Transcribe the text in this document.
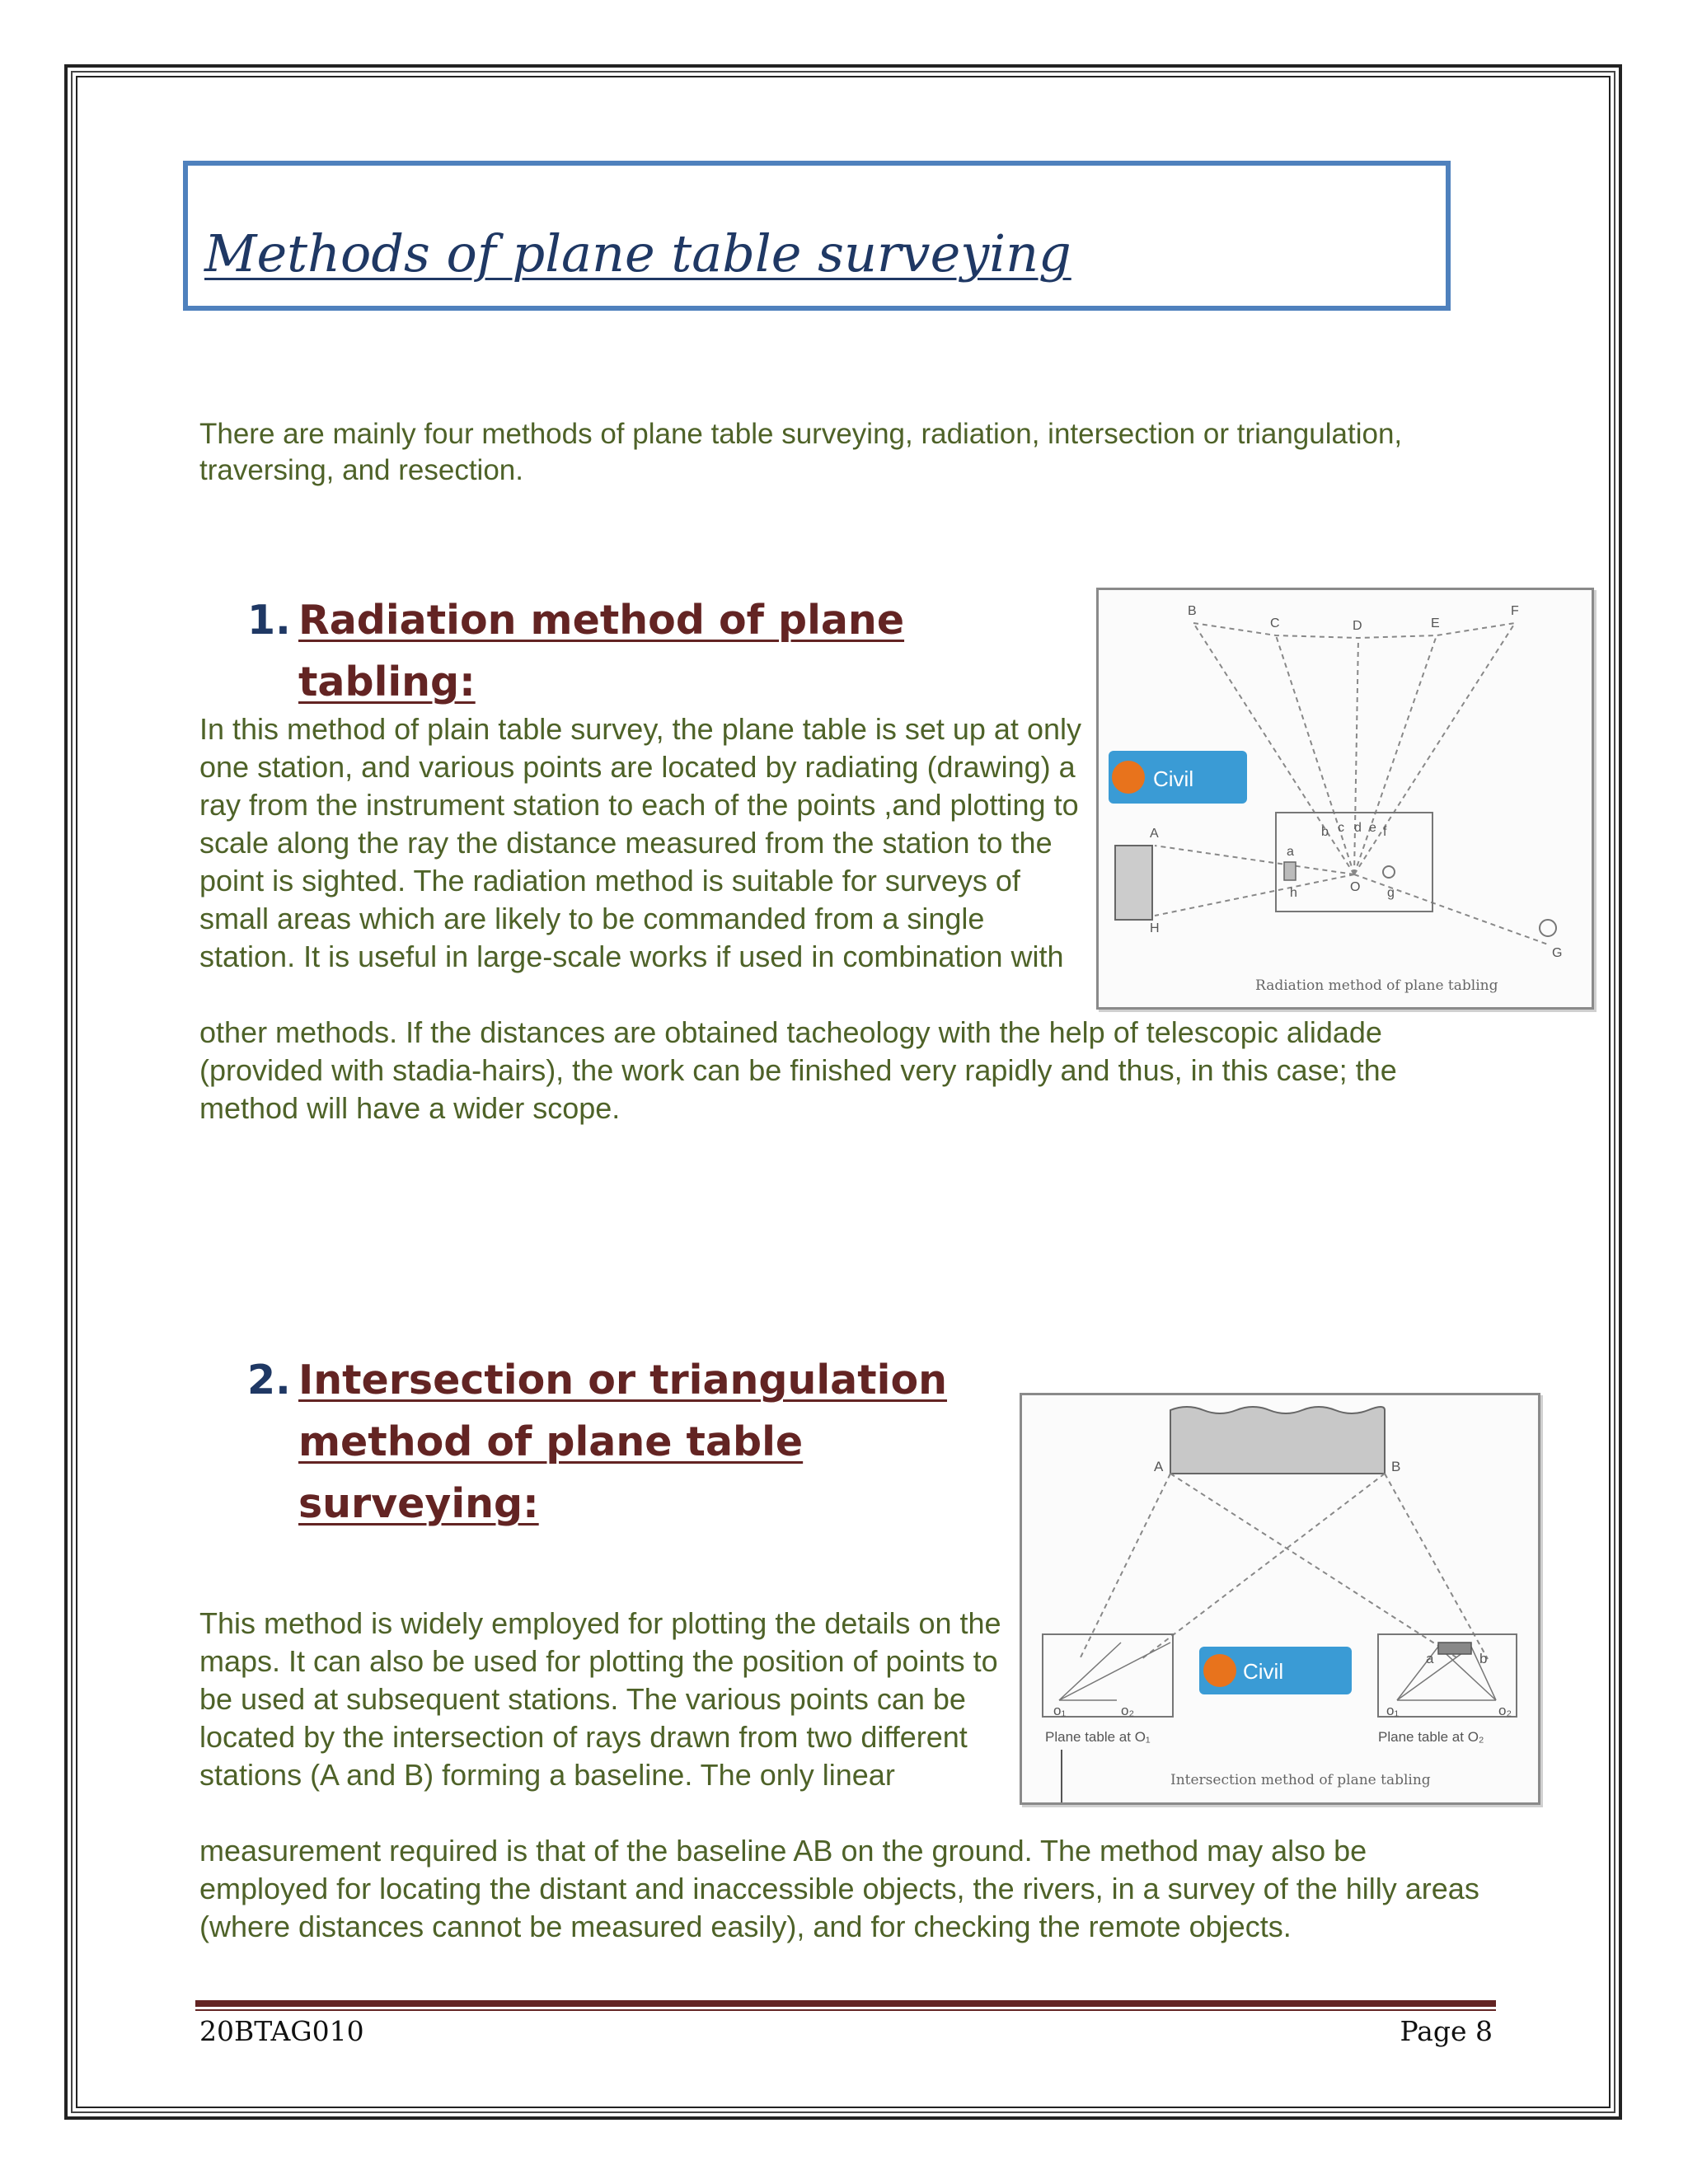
Methods of plane table surveying

There are mainly four methods of plane table surveying, radiation, intersection or triangulation, traversing, and resection.

1. Radiation method of plane tabling:

In this method of plain table survey, the plane table is set up at only one station, and various points are located by radiating (drawing) a ray from the instrument station to each of the points ,and plotting to scale along the ray the distance measured from the station to the point is sighted. The radiation method is suitable for surveys of small areas which are likely to be commanded from a single station. It is useful in large-scale works if used in combination with

other methods. If the distances are obtained tacheology with the help of telescopic alidade (provided with stadia-hairs), the work can be finished very rapidly and thus, in this case; the method will have a wider scope.

Civil
B
C	D	E
F
A
H
G
a
b c d e f
h	O g
Radiation method of plane tabling
2. Intersection or triangulation method of plane table surveying:

This method is widely employed for plotting the details on the maps. It can also be used for plotting the position of points to be used at subsequent stations. The various points can be located by the intersection of rays drawn from two different stations (A and B) forming a baseline. The only linear

measurement required is that of the baseline AB on the ground. The method may also be employed for locating the distant and inaccessible objects, the rivers, in a survey of the hilly areas (where distances cannot be measured easily), and for checking the remote objects.

Civil
A	B
o₁	o₂
a	b
o₁	o₂
Plane table at O₁	Plane table at O₂
Intersection method of plane tabling

20BTAG010	Page 8
